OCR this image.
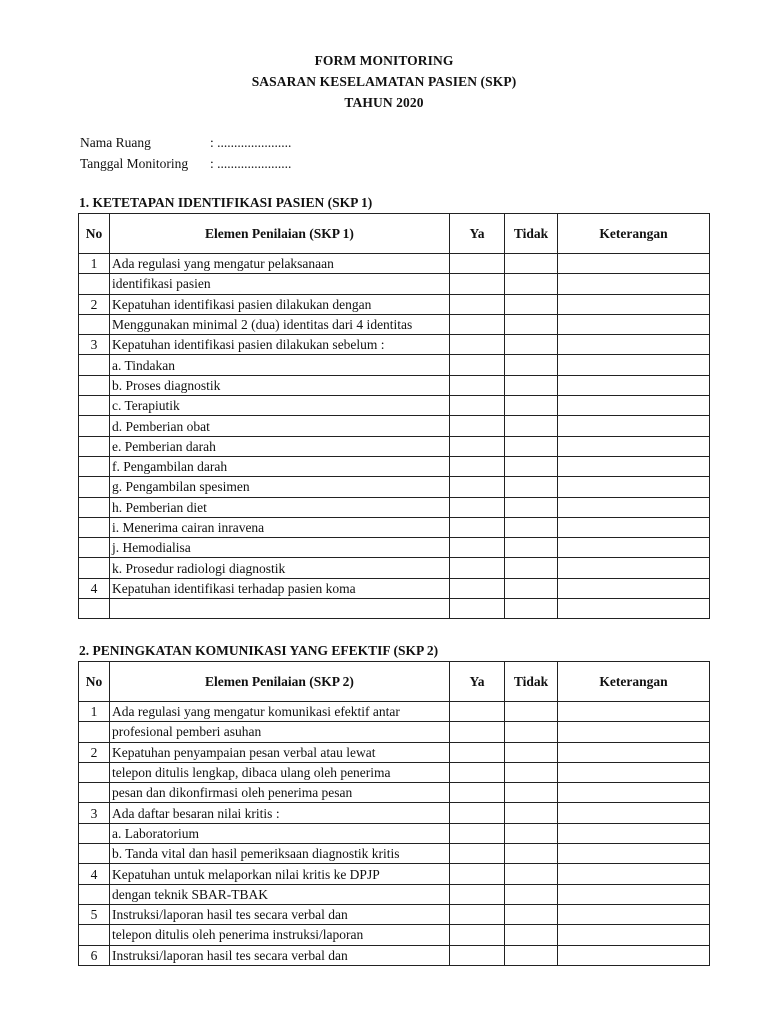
FORM MONITORING
SASARAN KESELAMATAN PASIEN (SKP)
TAHUN 2020
Nama Ruang	: ......................
Tanggal Monitoring : ......................
1. KETETAPAN IDENTIFIKASI PASIEN (SKP 1)
No	Elemen Penilaian (SKP 1)	Ya	Tidak	Keterangan
1	Ada regulasi yang mengatur pelaksanaan			
	identifikasi pasien			
2	Kepatuhan identifikasi pasien dilakukan dengan			
	Menggunakan minimal 2 (dua) identitas dari 4 identitas			
3	Kepatuhan identifikasi pasien dilakukan sebelum :			
	a. Tindakan			
	b. Proses diagnostik			
	c. Terapiutik			
	d. Pemberian obat			
	e. Pemberian darah			
	f. Pengambilan darah			
	g. Pengambilan spesimen			
	h. Pemberian diet			
	i. Menerima cairan inravena			
	j. Hemodialisa			
	k. Prosedur radiologi diagnostik			
4	Kepatuhan identifikasi terhadap pasien koma			

2. PENINGKATAN KOMUNIKASI YANG EFEKTIF (SKP 2)
No	Elemen Penilaian (SKP 2)	Ya	Tidak	Keterangan
1	Ada regulasi yang mengatur komunikasi efektif antar			
	profesional pemberi asuhan			
2	Kepatuhan penyampaian pesan verbal atau lewat			
	telepon ditulis lengkap, dibaca ulang oleh penerima			
	pesan dan dikonfirmasi oleh penerima pesan			
3	Ada daftar besaran nilai kritis :			
	a. Laboratorium			
	b. Tanda vital dan hasil pemeriksaan diagnostik kritis			
4	Kepatuhan untuk melaporkan nilai kritis ke DPJP			
	dengan teknik SBAR-TBAK			
5	Instruksi/laporan hasil tes secara verbal dan			
	telepon ditulis oleh penerima instruksi/laporan			
6	Instruksi/laporan hasil tes secara verbal dan			
